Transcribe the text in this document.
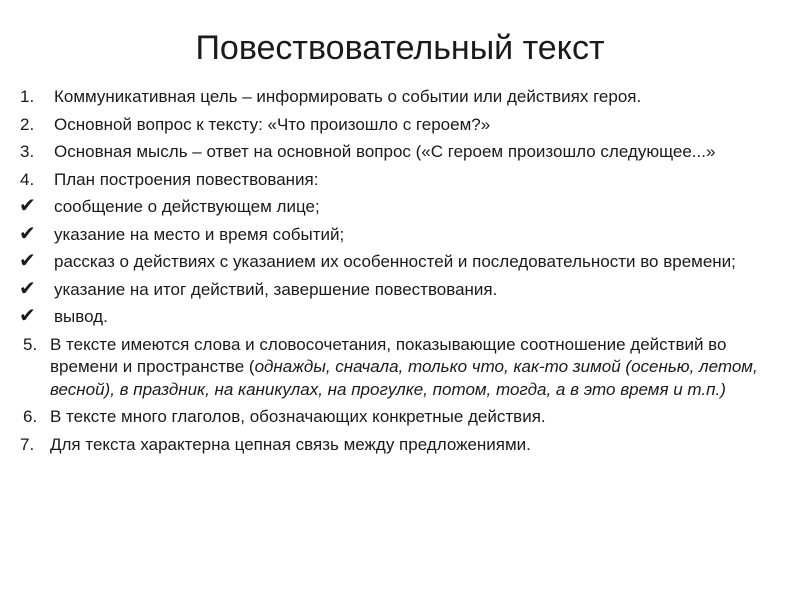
Повествовательный текст
1.	Коммуникативная цель – информировать о событии или действиях героя.
2.	Основной вопрос к тексту: «Что произошло с героем?»
3.	Основная мысль – ответ на основной вопрос («С героем произошло следующее...»
4.	План построения повествования:
✔	сообщение о действующем лице;
✔	указание на место и время событий;
✔	рассказ о действиях с указанием их особенностей и последовательности во времени;
✔	указание на итог действий, завершение повествования.
✔	вывод.
5. В тексте имеются слова и словосочетания, показывающие соотношение действий во времени и пространстве (однажды, сначала, только что, как-то зимой (осенью, летом, весной), в праздник, на каникулах, на прогулке, потом, тогда, а в это время и т.п.)
6. В тексте много глаголов, обозначающих конкретные действия.
7. Для текста характерна цепная связь между предложениями.
